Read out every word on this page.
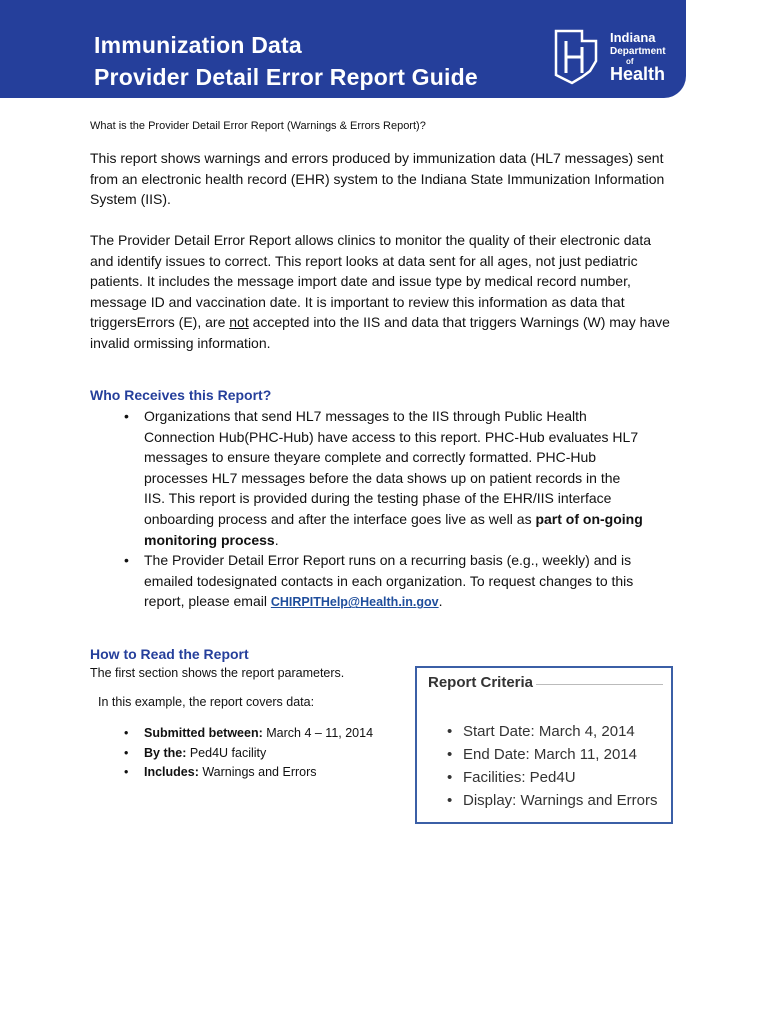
Immunization Data
Provider Detail Error Report Guide
Indiana
Department
of
Health
What is the Provider Detail Error Report (Warnings & Errors Report)?

This report shows warnings and errors produced by immunization data (HL7 messages) sent from an electronic health record (EHR) system to the Indiana State Immunization Information System (IIS).

The Provider Detail Error Report allows clinics to monitor the quality of their electronic data and identify issues to correct. This report looks at data sent for all ages, not just pediatric patients. It includes the message import date and issue type by medical record number, message ID and vaccination date. It is important to review this information as data that triggersErrors (E), are not accepted into the IIS and data that triggers Warnings (W) may have invalid ormissing information.

Who Receives this Report?
• Organizations that send HL7 messages to the IIS through Public Health Connection Hub(PHC-Hub) have access to this report. PHC-Hub evaluates HL7 messages to ensure theyare complete and correctly formatted. PHC-Hub processes HL7 messages before the data shows up on patient records in the IIS. This report is provided during the testing phase of the EHR/IIS interface onboarding process and after the interface goes live as well as part of on-going monitoring process.
• The Provider Detail Error Report runs on a recurring basis (e.g., weekly) and is emailed todesignated contacts in each organization. To request changes to this report, please email CHIRPITHelp@Health.in.gov.
How to Read the Report
The first section shows the report parameters.
In this example, the report covers data:
• Submitted between: March 4 – 11, 2014
• By the: Ped4U facility
• Includes: Warnings and Errors
Report Criteria
• Start Date: March 4, 2014
• End Date: March 11, 2014
• Facilities: Ped4U
• Display: Warnings and Errors
